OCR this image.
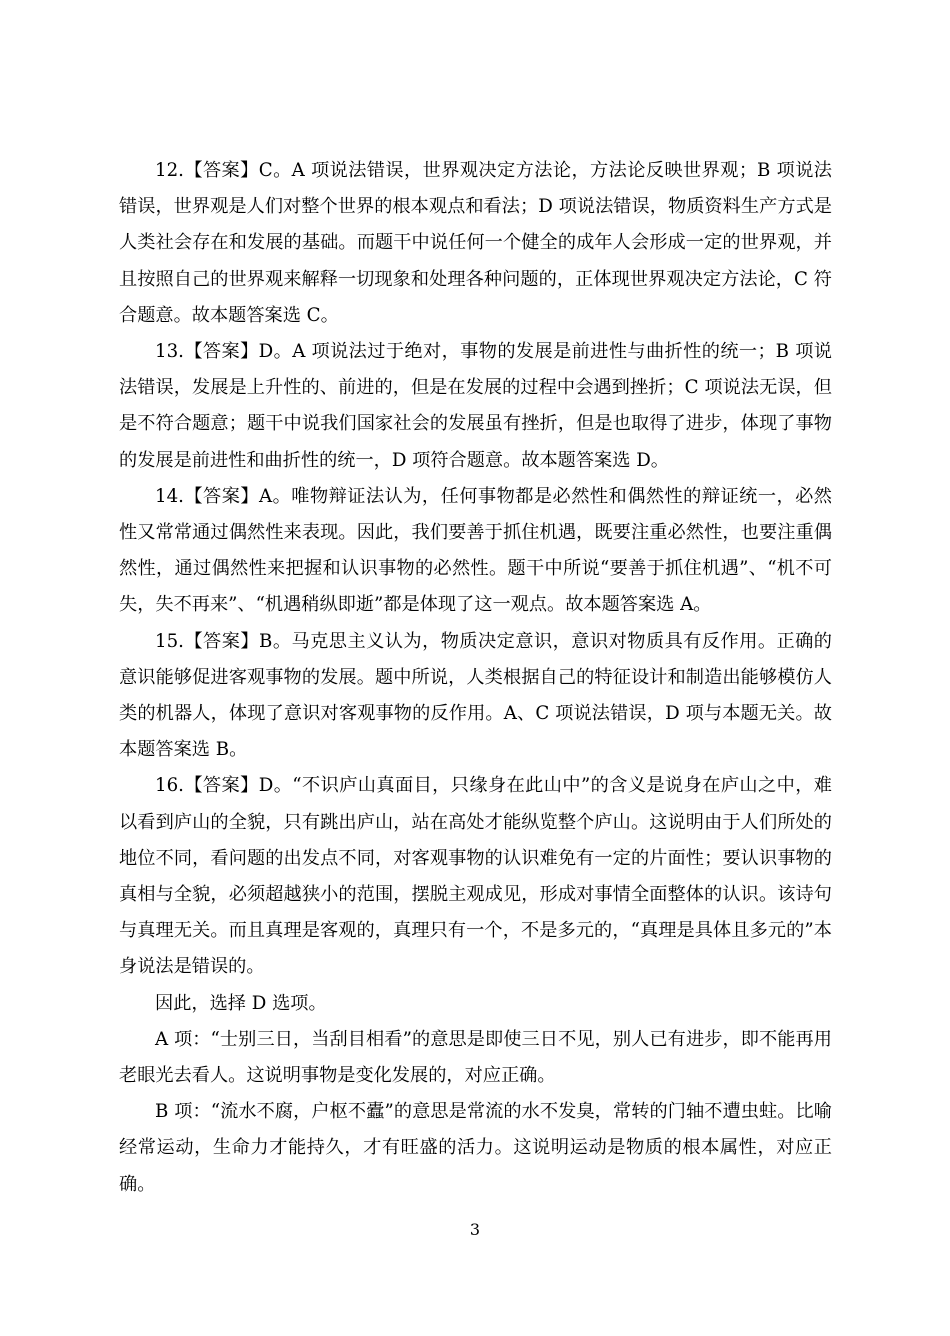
12.【答案】C。A 项说法错误，世界观决定方法论，方法论反映世界观；B 项说法错误，世界观是人们对整个世界的根本观点和看法；D 项说法错误，物质资料生产方式是人类社会存在和发展的基础。而题干中说任何一个健全的成年人会形成一定的世界观，并且按照自己的世界观来解释一切现象和处理各种问题的，正体现世界观决定方法论，C 符合题意。故本题答案选 C。

13.【答案】D。A 项说法过于绝对，事物的发展是前进性与曲折性的统一；B 项说法错误，发展是上升性的、前进的，但是在发展的过程中会遇到挫折；C 项说法无误，但是不符合题意；题干中说我们国家社会的发展虽有挫折，但是也取得了进步，体现了事物的发展是前进性和曲折性的统一，D 项符合题意。故本题答案选 D。

14.【答案】A。唯物辩证法认为，任何事物都是必然性和偶然性的辩证统一，必然性又常常通过偶然性来表现。因此，我们要善于抓住机遇，既要注重必然性，也要注重偶然性，通过偶然性来把握和认识事物的必然性。题干中所说“要善于抓住机遇”、“机不可失，失不再来”、“机遇稍纵即逝”都是体现了这一观点。故本题答案选 A。

15.【答案】B。马克思主义认为，物质决定意识，意识对物质具有反作用。正确的意识能够促进客观事物的发展。题中所说，人类根据自己的特征设计和制造出能够模仿人类的机器人，体现了意识对客观事物的反作用。A、C 项说法错误，D 项与本题无关。故本题答案选 B。

16.【答案】D。“不识庐山真面目，只缘身在此山中”的含义是说身在庐山之中，难以看到庐山的全貌，只有跳出庐山，站在高处才能纵览整个庐山。这说明由于人们所处的地位不同，看问题的出发点不同，对客观事物的认识难免有一定的片面性；要认识事物的真相与全貌，必须超越狭小的范围，摆脱主观成见，形成对事情全面整体的认识。该诗句与真理无关。而且真理是客观的，真理只有一个，不是多元的，“真理是具体且多元的”本身说法是错误的。

因此，选择 D 选项。

A 项：“士别三日，当刮目相看”的意思是即使三日不见，别人已有进步，即不能再用老眼光去看人。这说明事物是变化发展的，对应正确。

B 项：“流水不腐，户枢不蠹”的意思是常流的水不发臭，常转的门轴不遭虫蛀。比喻经常运动，生命力才能持久，才有旺盛的活力。这说明运动是物质的根本属性，对应正确。

3
